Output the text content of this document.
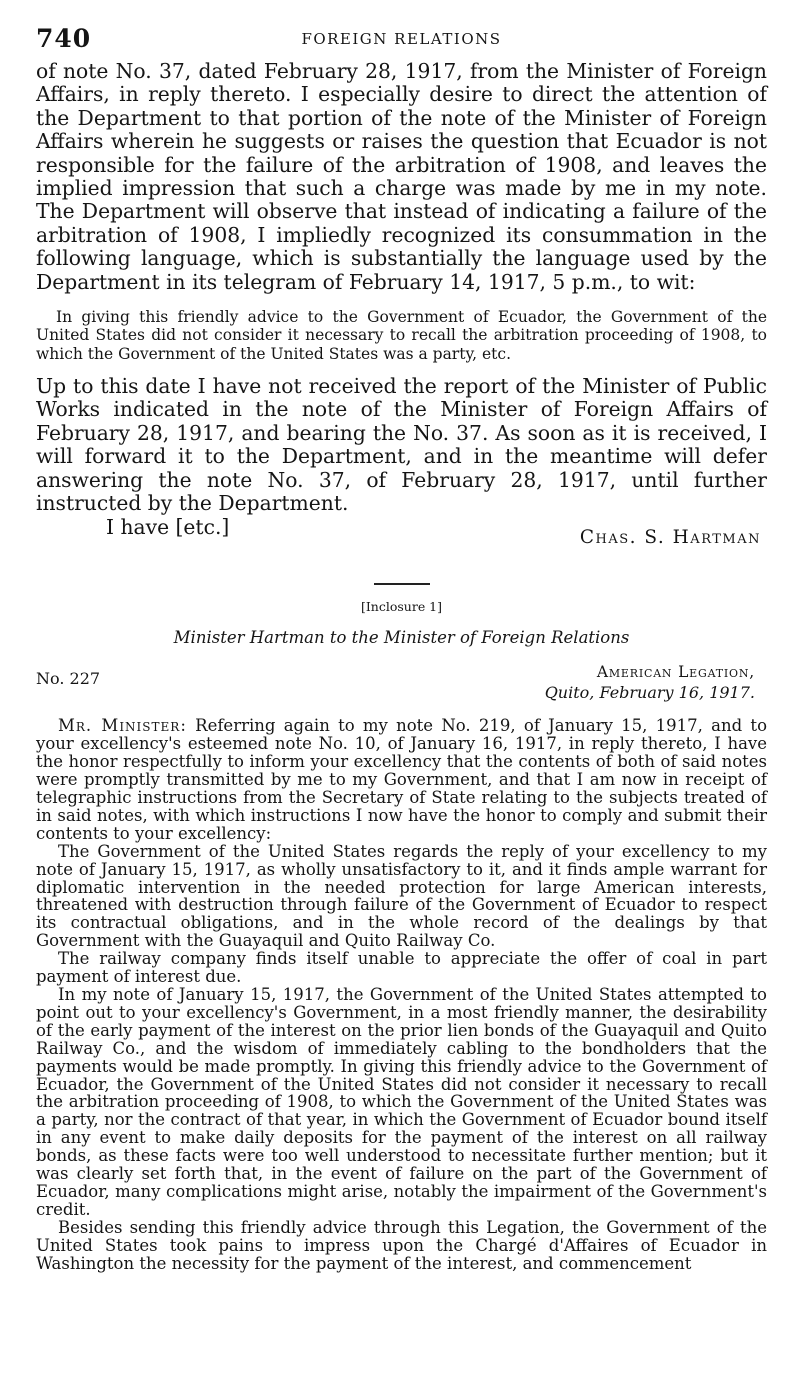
740	FOREIGN RELATIONS

of note No. 37, dated February 28, 1917, from the Minister of Foreign Affairs, in reply thereto. I especially desire to direct the attention of the Department to that portion of the note of the Minister of Foreign Affairs wherein he suggests or raises the question that Ecuador is not responsible for the failure of the arbitration of 1908, and leaves the implied impression that such a charge was made by me in my note. The Department will observe that instead of indicating a failure of the arbitration of 1908, I impliedly recognized its consummation in the following language, which is substantially the language used by the Department in its telegram of February 14, 1917, 5 p.m., to wit:

In giving this friendly advice to the Government of Ecuador, the Government of the United States did not consider it necessary to recall the arbitration proceeding of 1908, to which the Government of the United States was a party, etc.

Up to this date I have not received the report of the Minister of Public Works indicated in the note of the Minister of Foreign Affairs of February 28, 1917, and bearing the No. 37. As soon as it is received, I will forward it to the Department, and in the meantime will defer answering the note No. 37, of February 28, 1917, until further instructed by the Department.

I have [etc.]	Chas. S. Hartman
[Inclosure 1]
Minister Hartman to the Minister of Foreign Relations
No. 227	American Legation,
Quito, February 16, 1917.

Mr. Minister: Referring again to my note No. 219, of January 15, 1917, and to your excellency's esteemed note No. 10, of January 16, 1917, in reply thereto, I have the honor respectfully to inform your excellency that the contents of both of said notes were promptly transmitted by me to my Government, and that I am now in receipt of telegraphic instructions from the Secretary of State relating to the subjects treated of in said notes, with which instructions I now have the honor to comply and submit their contents to your excellency:

The Government of the United States regards the reply of your excellency to my note of January 15, 1917, as wholly unsatisfactory to it, and it finds ample warrant for diplomatic intervention in the needed protection for large American interests, threatened with destruction through failure of the Government of Ecuador to respect its contractual obligations, and in the whole record of the dealings by that Government with the Guayaquil and Quito Railway Co.

The railway company finds itself unable to appreciate the offer of coal in part payment of interest due.

In my note of January 15, 1917, the Government of the United States attempted to point out to your excellency's Government, in a most friendly manner, the desirability of the early payment of the interest on the prior lien bonds of the Guayaquil and Quito Railway Co., and the wisdom of immediately cabling to the bondholders that the payments would be made promptly. In giving this friendly advice to the Government of Ecuador, the Government of the United States did not consider it necessary to recall the arbitration proceeding of 1908, to which the Government of the United States was a party, nor the contract of that year, in which the Government of Ecuador bound itself in any event to make daily deposits for the payment of the interest on all railway bonds, as these facts were too well understood to necessitate further mention; but it was clearly set forth that, in the event of failure on the part of the Government of Ecuador, many complications might arise, notably the impairment of the Government's credit.

Besides sending this friendly advice through this Legation, the Government of the United States took pains to impress upon the Chargé d'Affaires of Ecuador in Washington the necessity for the payment of the interest, and commencement
